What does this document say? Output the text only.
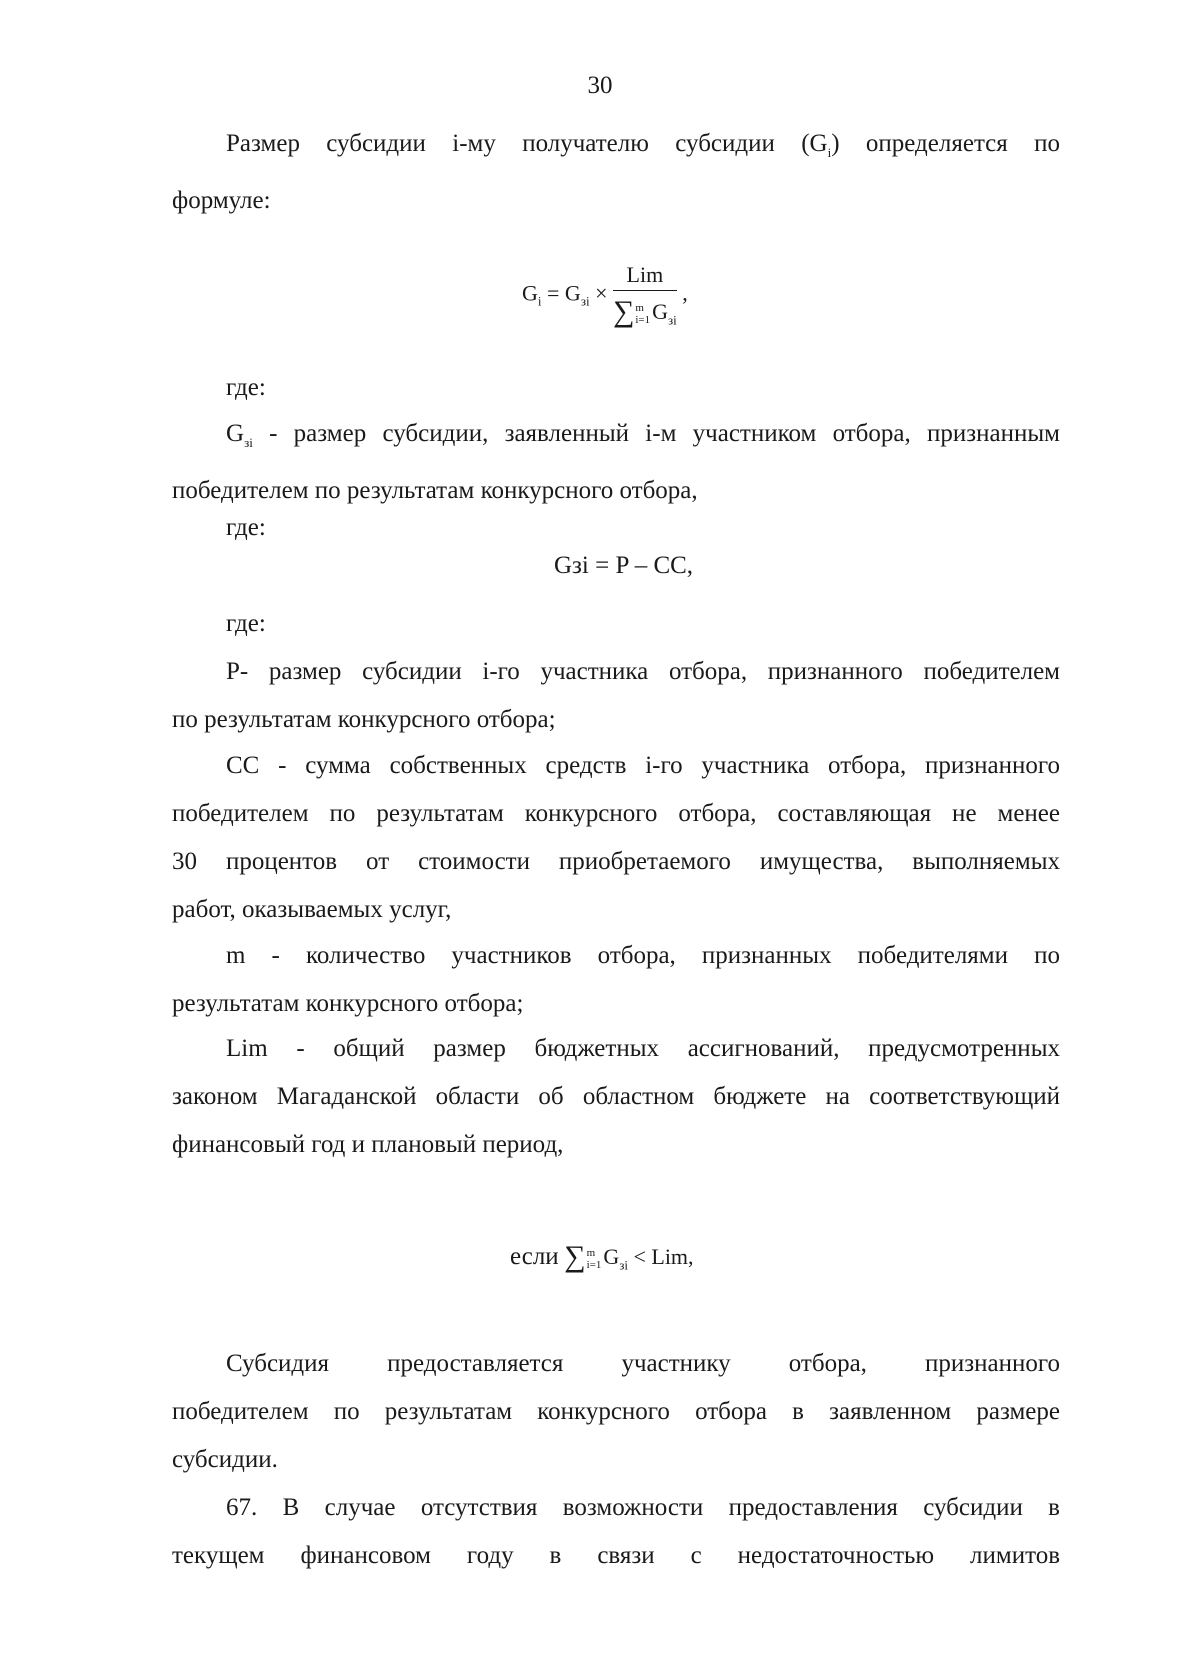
30
Размер субсидии i-му получателю субсидии $(G_i)$ определяется по
формуле:
$G_i = G_{зi}$ × Lim
∑ m
i=1 $G_{зi}$ ,
где:
$G_{зi}$ - размер субсидии, заявленный i-м участником отбора, признанным
победителем по результатам конкурсного отбора,
где:
Gзi = P – CC,
где:
Р- размер субсидии i-го участника отбора, признанного победителем
по результатам конкурсного отбора;
СС - сумма собственных средств i-го участника отбора, признанного
победителем по результатам конкурсного отбора, составляющая не менее
30 процентов от стоимости приобретаемого имущества, выполняемых
работ, оказываемых услуг,
m - количество участников отбора, признанных победителями по
результатам конкурсного отбора;
Lim - общий размер бюджетных ассигнований, предусмотренных
законом Магаданской области об областном бюджете на соответствующий
финансовый год и плановый период,
если ∑ m
i=1 $G_{зi}$ < Lim,
Субсидия предоставляется участнику отбора, признанного
победителем по результатам конкурсного отбора в заявленном размере
субсидии.
67. В случае отсутствия возможности предоставления субсидии в
текущем финансовом году в связи с недостаточностью лимитов
